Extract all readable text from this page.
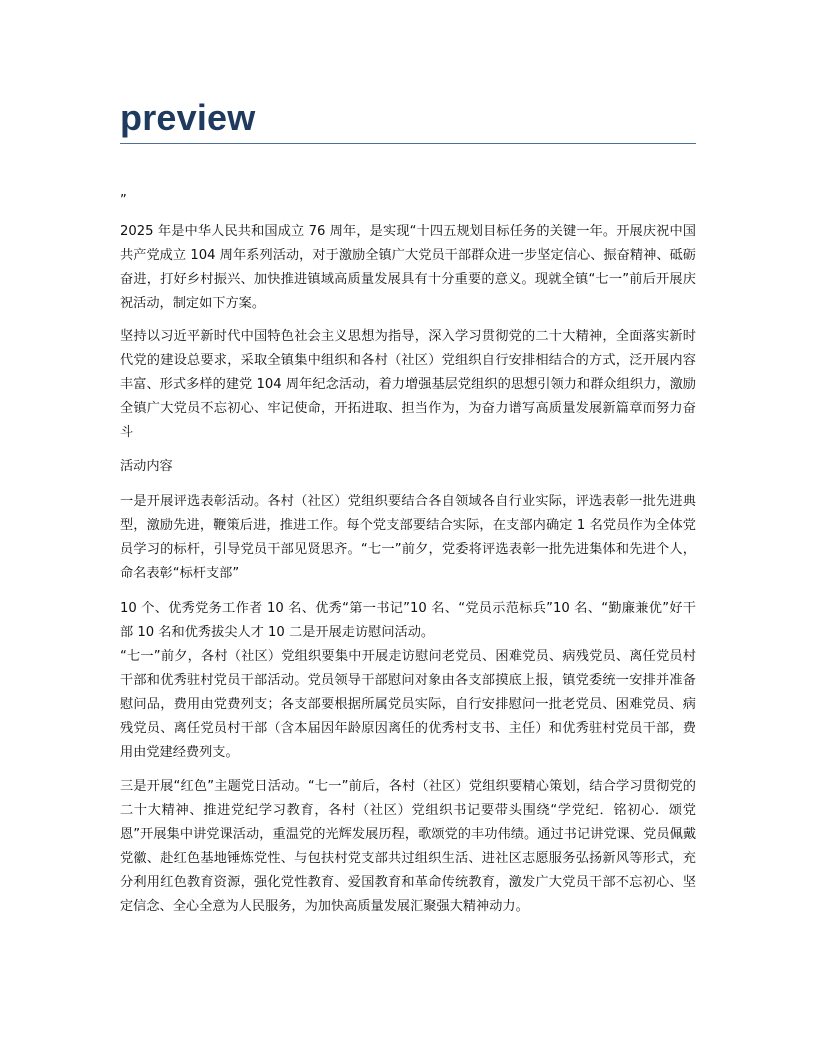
preview
”

2025 年是中华人民共和国成立 76 周年，是实现“十四五规划目标任务的关键一年。开展庆祝中国共产党成立 104 周年系列活动，对于激励全镇广大党员干部群众进一步坚定信心、振奋精神、砥砺奋进，打好乡村振兴、加快推进镇域高质量发展具有十分重要的意义。现就全镇“七一”前后开展庆祝活动，制定如下方案。

坚持以习近平新时代中国特色社会主义思想为指导，深入学习贯彻党的二十大精神，全面落实新时代党的建设总要求，采取全镇集中组织和各村（社区）党组织自行安排相结合的方式，泛开展内容丰富、形式多样的建党 104 周年纪念活动，着力增强基层党组织的思想引领力和群众组织力，激励全镇广大党员不忘初心、牢记使命，开拓进取、担当作为，为奋力谱写高质量发展新篇章而努力奋斗

活动内容

一是开展评选表彰活动。各村（社区）党组织要结合各自领域各自行业实际，评选表彰一批先进典型，激励先进，鞭策后进，推进工作。每个党支部要结合实际，在支部内确定 1 名党员作为全体党员学习的标杆，引导党员干部见贤思齐。“七一”前夕，党委将评选表彰一批先进集体和先进个人，命名表彰“标杆支部”

10 个、优秀党务工作者 10 名、优秀“第一书记”10 名、“党员示范标兵”10 名、“勤廉兼优”好干部 10 名和优秀拔尖人才 10 二是开展走访慰问活动。

“七一”前夕，各村（社区）党组织要集中开展走访慰问老党员、困难党员、病残党员、离任党员村干部和优秀驻村党员干部活动。党员领导干部慰问对象由各支部摸底上报，镇党委统一安排并准备慰问品，费用由党费列支；各支部要根据所属党员实际，自行安排慰问一批老党员、困难党员、病残党员、离任党员村干部（含本届因年龄原因离任的优秀村支书、主任）和优秀驻村党员干部，费用由党建经费列支。

三是开展“红色”主题党日活动。“七一”前后，各村（社区）党组织要精心策划，结合学习贯彻党的二十大精神、推进党纪学习教育，各村（社区）党组织书记要带头围绕“学党纪．铭初心．颂党恩”开展集中讲党课活动，重温党的光辉发展历程，歌颂党的丰功伟绩。通过书记讲党课、党员佩戴党徽、赴红色基地锤炼党性、与包扶村党支部共过组织生活、进社区志愿服务弘扬新风等形式，充分利用红色教育资源，强化党性教育、爱国教育和革命传统教育，激发广大党员干部不忘初心、坚定信念、全心全意为人民服务，为加快高质量发展汇聚强大精神动力。
